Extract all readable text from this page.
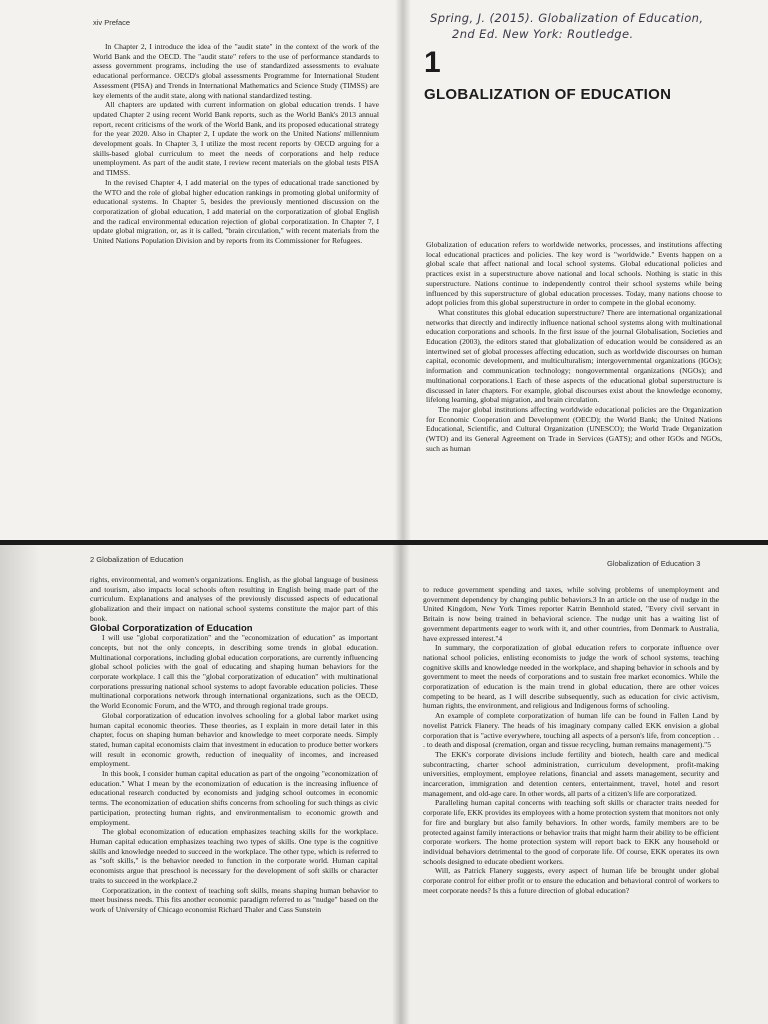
xiv Preface

In Chapter 2, I introduce the idea of the "audit state" in the context of the work of the World Bank and the OECD. The "audit state" refers to the use of performance standards to assess government programs, including the use of standardized assessments to evaluate educational performance. OECD's global assessments Programme for International Student Assessment (PISA) and Trends in International Mathematics and Science Study (TIMSS) are key elements of the audit state, along with national standardized testing.

All chapters are updated with current information on global education trends. I have updated Chapter 2 using recent World Bank reports, such as the World Bank's 2013 annual report, recent criticisms of the work of the World Bank, and its proposed educational strategy for the year 2020. Also in Chapter 2, I update the work on the United Nations' millennium development goals. In Chapter 3, I utilize the most recent reports by OECD arguing for a skills-based global curriculum to meet the needs of corporations and help reduce unemployment. As part of the audit state, I review recent materials on the global tests PISA and TIMSS.

In the revised Chapter 4, I add material on the types of educational trade sanctioned by the WTO and the role of global higher education rankings in promoting global uniformity of educational systems. In Chapter 5, besides the previously mentioned discussion on the corporatization of global education, I add material on the corporatization of global English and the radical environmental education rejection of global corporatization. In Chapter 7, I update global migration, or, as it is called, "brain circulation," with recent materials from the United Nations Population Division and by reports from its Commissioner for Refugees.

Spring, J. (2015). Globalization of Education,
2nd Ed. New York: Routledge.
1
GLOBALIZATION OF EDUCATION

Globalization of education refers to worldwide networks, processes, and institutions affecting local educational practices and policies. The key word is "worldwide." Events happen on a global scale that affect national and local school systems. Global educational policies and practices exist in a superstructure above national and local schools. Nothing is static in this superstructure. Nations continue to independently control their school systems while being influenced by this superstructure of global education processes. Today, many nations choose to adopt policies from this global superstructure in order to compete in the global economy.

What constitutes this global education superstructure? There are international organizational networks that directly and indirectly influence national school systems along with multinational education corporations and schools. In the first issue of the journal Globalisation, Societies and Education (2003), the editors stated that globalization of education would be considered as an intertwined set of global processes affecting education, such as worldwide discourses on human capital, economic development, and multiculturalism; intergovernmental organizations (IGOs); information and communication technology; nongovernmental organizations (NGOs); and multinational corporations.1 Each of these aspects of the educational global superstructure is discussed in later chapters. For example, global discourses exist about the knowledge economy, lifelong learning, global migration, and brain circulation.

The major global institutions affecting worldwide educational policies are the Organization for Economic Cooperation and Development (OECD); the World Bank; the United Nations Educational, Scientific, and Cultural Organization (UNESCO); the World Trade Organization (WTO) and its General Agreement on Trade in Services (GATS); and other IGOs and NGOs, such as human

2 Globalization of Education	Globalization of Education 3

rights, environmental, and women's organizations. English, as the global language of business and tourism, also impacts local schools often resulting in English being made part of the curriculum. Explanations and analyses of the previously discussed aspects of educational globalization and their impact on national school systems constitute the major part of this book.

Global Corporatization of Education

I will use "global corporatization" and the "economization of education" as important concepts, but not the only concepts, in describing some trends in global education. Multinational corporations, including global education corporations, are currently influencing global school policies with the goal of educating and shaping human behaviors for the corporate workplace. I call this the "global corporatization of education" with multinational corporations pressuring national school systems to adopt favorable education policies. These multinational corporations network through international organizations, such as the OECD, the World Economic Forum, and the WTO, and through regional trade groups.

Global corporatization of education involves schooling for a global labor market using human capital economic theories. These theories, as I explain in more detail later in this chapter, focus on shaping human behavior and knowledge to meet corporate needs. Simply stated, human capital economists claim that investment in education to produce better workers will result in economic growth, reduction of inequality of incomes, and increased employment.

In this book, I consider human capital education as part of the ongoing "economization of education." What I mean by the economization of education is the increasing influence of educational research conducted by economists and judging school outcomes in economic terms. The economization of education shifts concerns from schooling for such things as civic participation, protecting human rights, and environmentalism to economic growth and employment.

The global economization of education emphasizes teaching skills for the workplace. Human capital education emphasizes teaching two types of skills. One type is the cognitive skills and knowledge needed to succeed in the workplace. The other type, which is referred to as "soft skills," is the behavior needed to function in the corporate world. Human capital economists argue that preschool is necessary for the development of soft skills or character traits to succeed in the workplace.2

Corporatization, in the context of teaching soft skills, means shaping human behavior to meet business needs. This fits another economic paradigm referred to as "nudge" based on the work of University of Chicago economist Richard Thaler and Cass Sunstein

to reduce government spending and taxes, while solving problems of unemployment and government dependency by changing public behaviors.3 In an article on the use of nudge in the United Kingdom, New York Times reporter Katrin Bennhold stated, "Every civil servant in Britain is now being trained in behavioral science. The nudge unit has a waiting list of government departments eager to work with it, and other countries, from Denmark to Australia, have expressed interest."4

In summary, the corporatization of global education refers to corporate influence over national school policies, enlisting economists to judge the work of school systems, teaching cognitive skills and knowledge needed in the workplace, and shaping behavior in schools and by government to meet the needs of corporations and to sustain free market economics. While the corporatization of education is the main trend in global education, there are other voices competing to be heard, as I will describe subsequently, such as education for civic activism, human rights, the environment, and religious and Indigenous forms of schooling.

An example of complete corporatization of human life can be found in Fallen Land by novelist Patrick Flanery. The heads of his imaginary company called EKK envision a global corporation that is "active everywhere, touching all aspects of a person's life, from conception . . . to death and disposal (cremation, organ and tissue recycling, human remains management)."5

The EKK's corporate divisions include fertility and biotech, health care and medical subcontracting, charter school administration, curriculum development, profit-making universities, employment, employee relations, financial and assets management, security and incarceration, immigration and detention centers, entertainment, travel, hotel and resort management, and old-age care. In other words, all parts of a citizen's life are corporatized.

Paralleling human capital concerns with teaching soft skills or character traits needed for corporate life, EKK provides its employees with a home protection system that monitors not only for fire and burglary but also family behaviors. In other words, family members are to be protected against family interactions or behavior traits that might harm their ability to be efficient corporate workers. The home protection system will report back to EKK any household or individual behaviors detrimental to the good of corporate life. Of course, EKK operates its own schools designed to educate obedient workers.

Will, as Patrick Flanery suggests, every aspect of human life be brought under global corporate control for either profit or to ensure the education and behavioral control of workers to meet corporate needs? Is this a future direction of global education?
